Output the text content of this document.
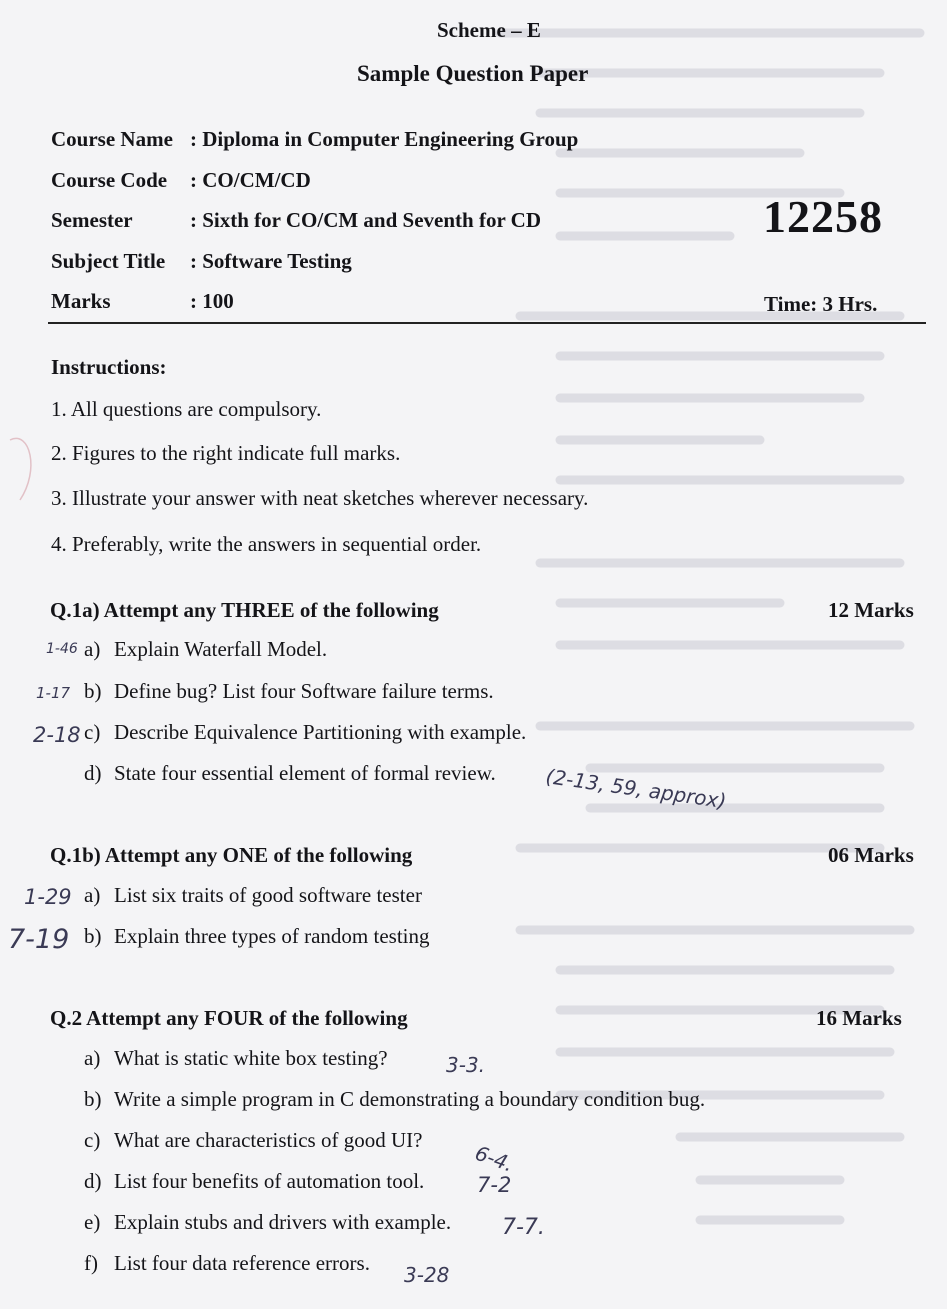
Scheme – E
Sample Question Paper
12258
Course Name : Diploma in Computer Engineering Group
Course Code : CO/CM/CD
Semester	: Sixth for CO/CM and Seventh for CD
Subject Title : Software Testing
Marks	: 100	Time: 3 Hrs.
Instructions:
1. All questions are compulsory.
2. Figures to the right indicate full marks.
3. Illustrate your answer with neat sketches wherever necessary.
4. Preferably, write the answers in sequential order.
Q.1a) Attempt any THREE of the following	12 Marks
a) Explain Waterfall Model.
b) Define bug? List four Software failure terms.
c) Describe Equivalence Partitioning with example.
d) State four essential element of formal review.
Q.1b) Attempt any ONE of the following	06 Marks
a) List six traits of good software tester
b) Explain three types of random testing
Q.2 Attempt any FOUR of the following	16 Marks
a) What is static white box testing?
b) Write a simple program in C demonstrating a boundary condition bug.
c) What are characteristics of good UI?
d) List four benefits of automation tool.
e) Explain stubs and drivers with example.
f) List four data reference errors.
1-46
1-17
2-18
(2-13, 59, approx)
1-29
7-19
3-3.
6-4.
7-2
7-7.
3-28
